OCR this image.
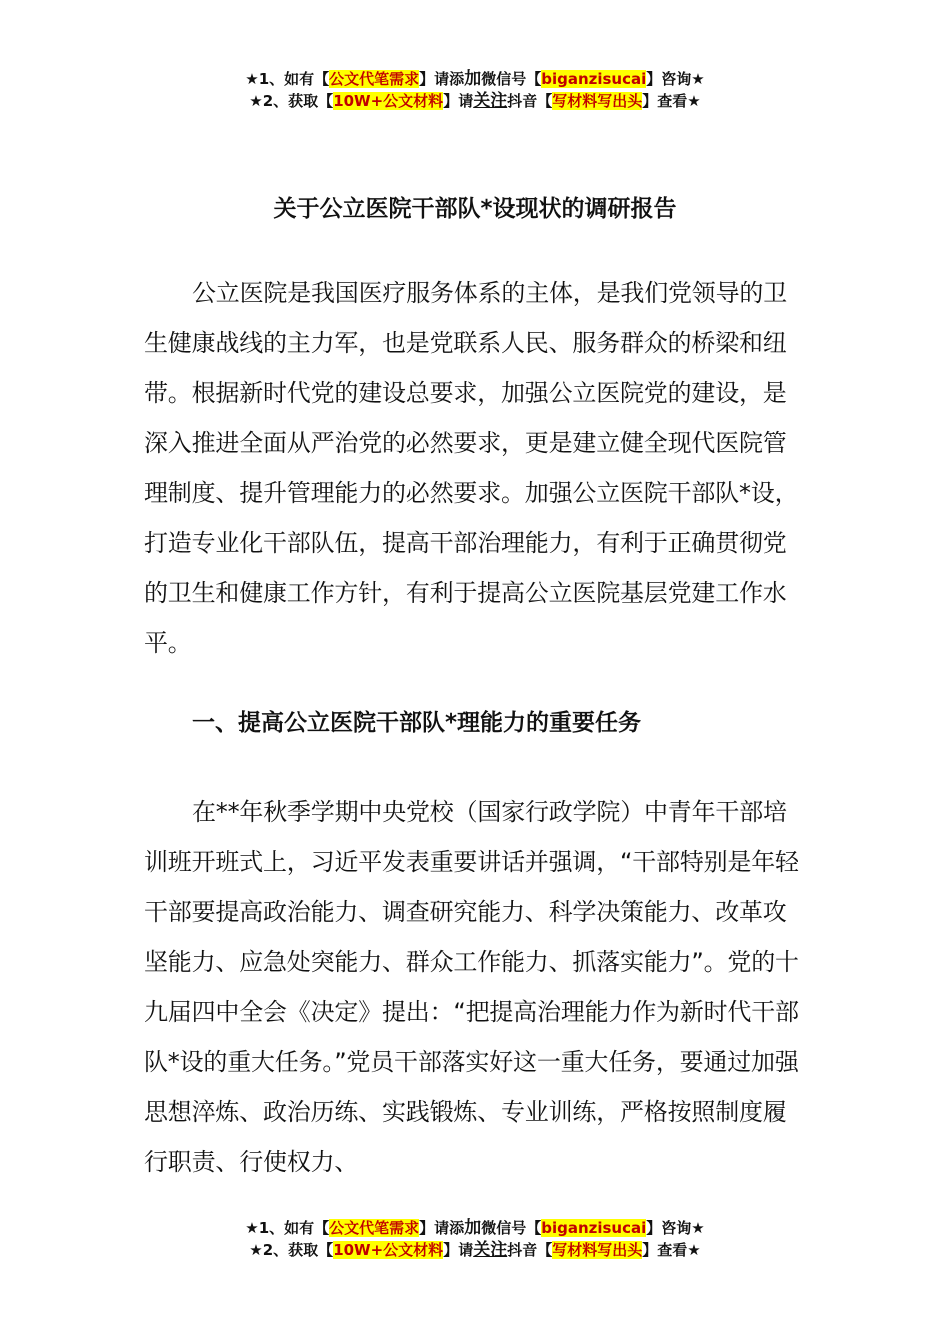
★1、如有【公文代笔需求】请添加微信号【biganzisucai】咨询★
★2、获取【10W+公文材料】请关注抖音【写材料写出头】查看★
关于公立医院干部队*设现状的调研报告

公立医院是我国医疗服务体系的主体，是我们党领导的卫生健康战线的主力军，也是党联系人民、服务群众的桥梁和纽带。根据新时代党的建设总要求，加强公立医院党的建设，是深入推进全面从严治党的必然要求，更是建立健全现代医院管理制度、提升管理能力的必然要求。加强公立医院干部队*设，打造专业化干部队伍，提高干部治理能力，有利于正确贯彻党的卫生和健康工作方针，有利于提高公立医院基层党建工作水平。

一、提高公立医院干部队*理能力的重要任务

在**年秋季学期中央党校（国家行政学院）中青年干部培训班开班式上，习近平发表重要讲话并强调，“干部特别是年轻干部要提高政治能力、调查研究能力、科学决策能力、改革攻坚能力、应急处突能力、群众工作能力、抓落实能力”。党的十九届四中全会《决定》提出：“把提高治理能力作为新时代干部队*设的重大任务。”党员干部落实好这一重大任务，要通过加强思想淬炼、政治历练、实践锻炼、专业训练，严格按照制度履行职责、行使权力、

★1、如有【公文代笔需求】请添加微信号【biganzisucai】咨询★
★2、获取【10W+公文材料】请关注抖音【写材料写出头】查看★
